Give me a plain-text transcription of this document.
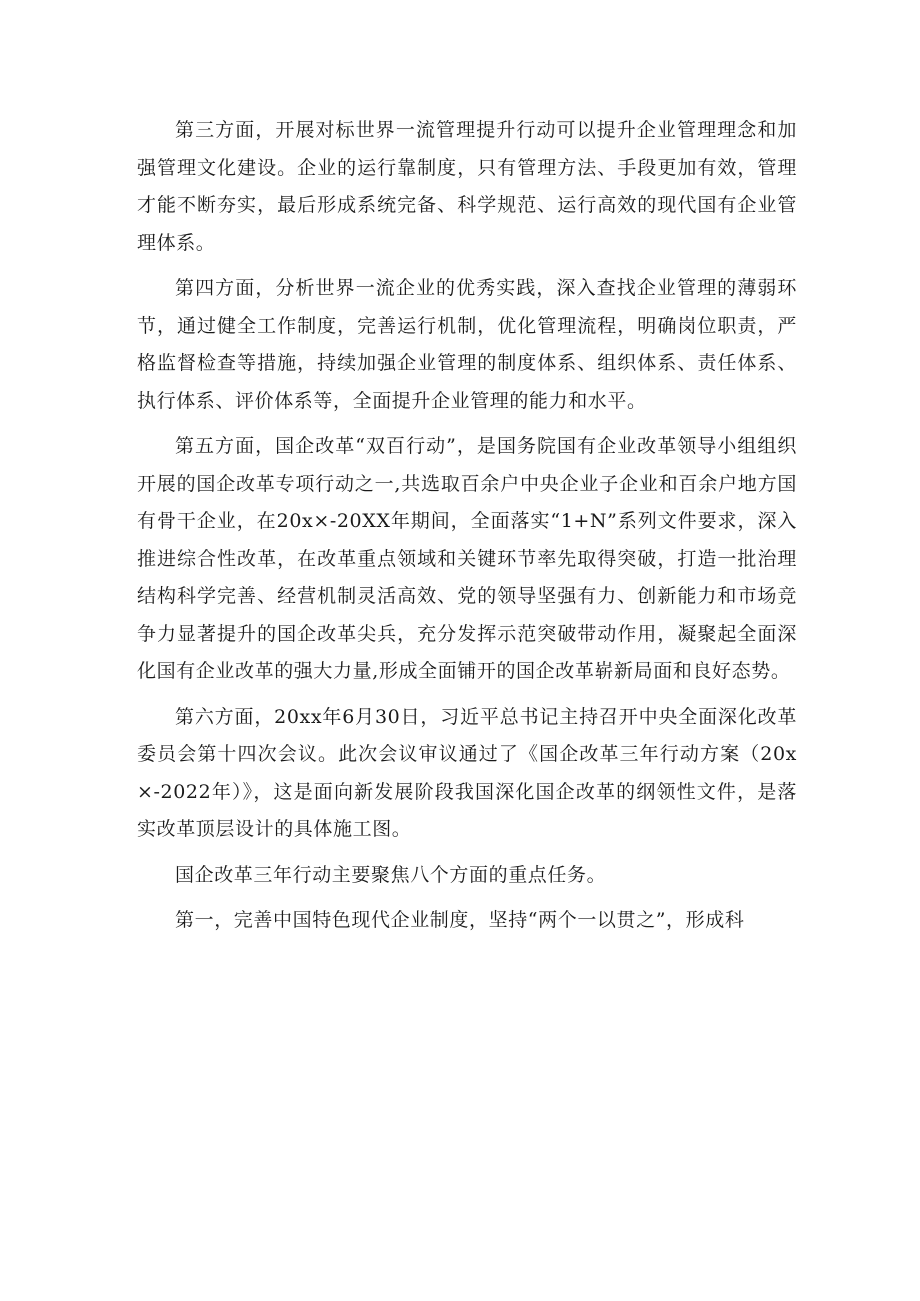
第三方面，开展对标世界一流管理提升行动可以提升企业管理理念和加强管理文化建设。企业的运行靠制度，只有管理方法、手段更加有效，管理才能不断夯实，最后形成系统完备、科学规范、运行高效的现代国有企业管理体系。

第四方面，分析世界一流企业的优秀实践，深入查找企业管理的薄弱环节，通过健全工作制度，完善运行机制，优化管理流程，明确岗位职责，严格监督检查等措施，持续加强企业管理的制度体系、组织体系、责任体系、执行体系、评价体系等，全面提升企业管理的能力和水平。

第五方面，国企改革“双百行动”，是国务院国有企业改革领导小组组织开展的国企改革专项行动之一,共选取百余户中央企业子企业和百余户地方国有骨干企业，在20x×-20XX年期间，全面落实“1+N”系列文件要求，深入推进综合性改革，在改革重点领域和关键环节率先取得突破，打造一批治理结构科学完善、经营机制灵活高效、党的领导坚强有力、创新能力和市场竞争力显著提升的国企改革尖兵，充分发挥示范突破带动作用，凝聚起全面深化国有企业改革的强大力量,形成全面铺开的国企改革崭新局面和良好态势。

第六方面，20xx年6月30日，习近平总书记主持召开中央全面深化改革委员会第十四次会议。此次会议审议通过了《国企改革三年行动方案（20x×-2022年）》，这是面向新发展阶段我国深化国企改革的纲领性文件，是落实改革顶层设计的具体施工图。

国企改革三年行动主要聚焦八个方面的重点任务。

第一，完善中国特色现代企业制度，坚持“两个一以贯之”，形成科
